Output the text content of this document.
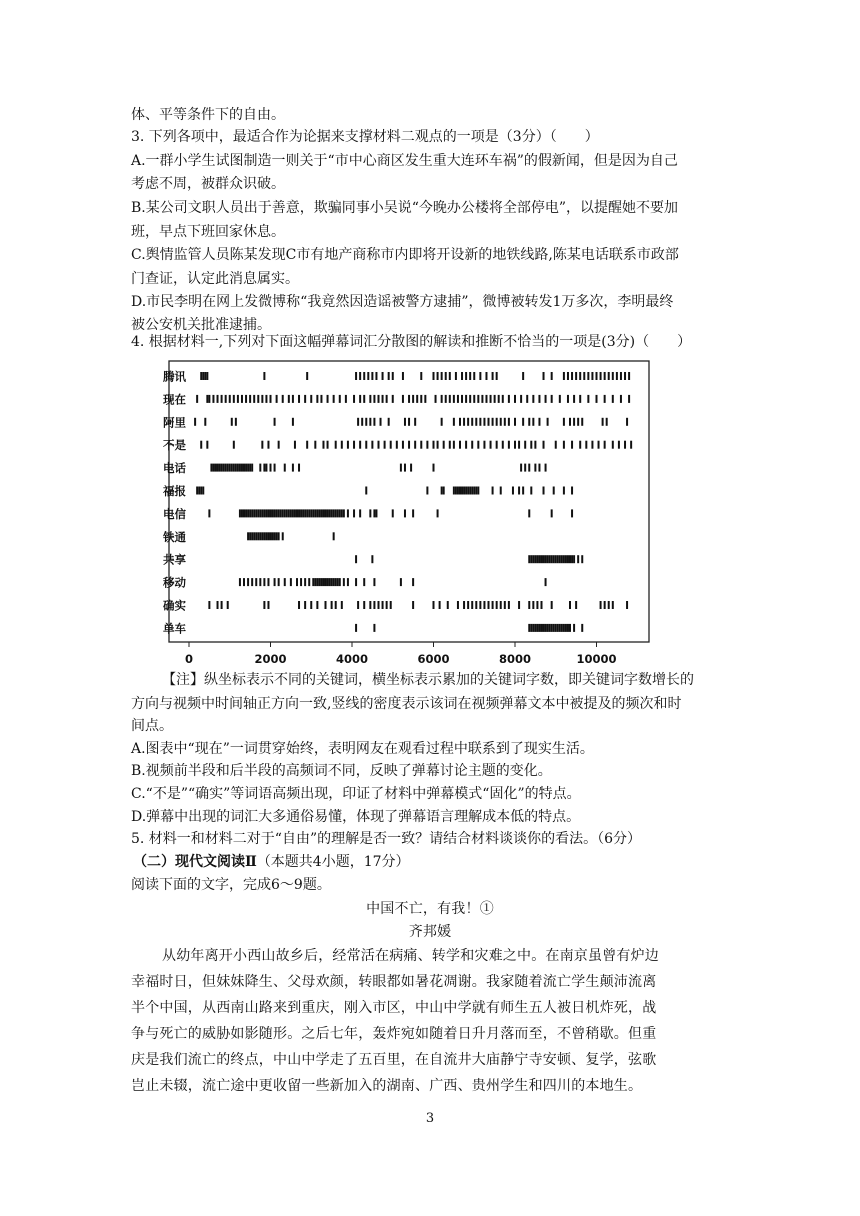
体、平等条件下的自由。
3. 下列各项中，最适合作为论据来支撑材料二观点的一项是（3分）（　　）
A.一群小学生试图制造一则关于“市中心商区发生重大连环车祸”的假新闻，但是因为自己
考虑不周，被群众识破。
B.某公司文职人员出于善意，欺骗同事小吴说“今晚办公楼将全部停电”，以提醒她不要加
班，早点下班回家休息。
C.舆情监管人员陈某发现C市有地产商称市内即将开设新的地铁线路,陈某电话联系市政部
门查证，认定此消息属实。
D.市民李明在网上发微博称“我竟然因造谣被警方逮捕”，微博被转发1万多次，李明最终
被公安机关批准逮捕。
4. 根据材料一,下列对下面这幅弹幕词汇分散图的解读和推断不恰当的一项是(3分)（　　）
腾讯
现在
阿里
不是
电话
福报
电信
铁通
共享
移动
确实
单车
0	2000	4000	6000	8000	10000
【注】纵坐标表示不同的关键词，横坐标表示累加的关键词字数，即关键词字数增长的
方向与视频中时间轴正方向一致,竖线的密度表示该词在视频弹幕文本中被提及的频次和时
间点。
A.图表中“现在”一词贯穿始终，表明网友在观看过程中联系到了现实生活。
B.视频前半段和后半段的高频词不同，反映了弹幕讨论主题的变化。
C.“不是”“确实”等词语高频出现，印证了材料中弹幕模式“固化”的特点。
D.弹幕中出现的词汇大多通俗易懂，体现了弹幕语言理解成本低的特点。
5. 材料一和材料二对于“自由”的理解是否一致？请结合材料谈谈你的看法。（6分）
（二）现代文阅读Ⅱ（本题共4小题，17分）
阅读下面的文字，完成6～9题。
中国不亡，有我！①
齐邦媛
从幼年离开小西山故乡后，经常活在病痛、转学和灾难之中。在南京虽曾有炉边
幸福时日，但妹妹降生、父母欢颜，转眼都如暑花凋谢。我家随着流亡学生颠沛流离
半个中国，从西南山路来到重庆，刚入市区，中山中学就有师生五人被日机炸死，战
争与死亡的威胁如影随形。之后七年，轰炸宛如随着日升月落而至，不曾稍歇。但重
庆是我们流亡的终点，中山中学走了五百里，在自流井大庙静宁寺安顿、复学，弦歌
岂止未辍，流亡途中更收留一些新加入的湖南、广西、贵州学生和四川的本地生。
3
